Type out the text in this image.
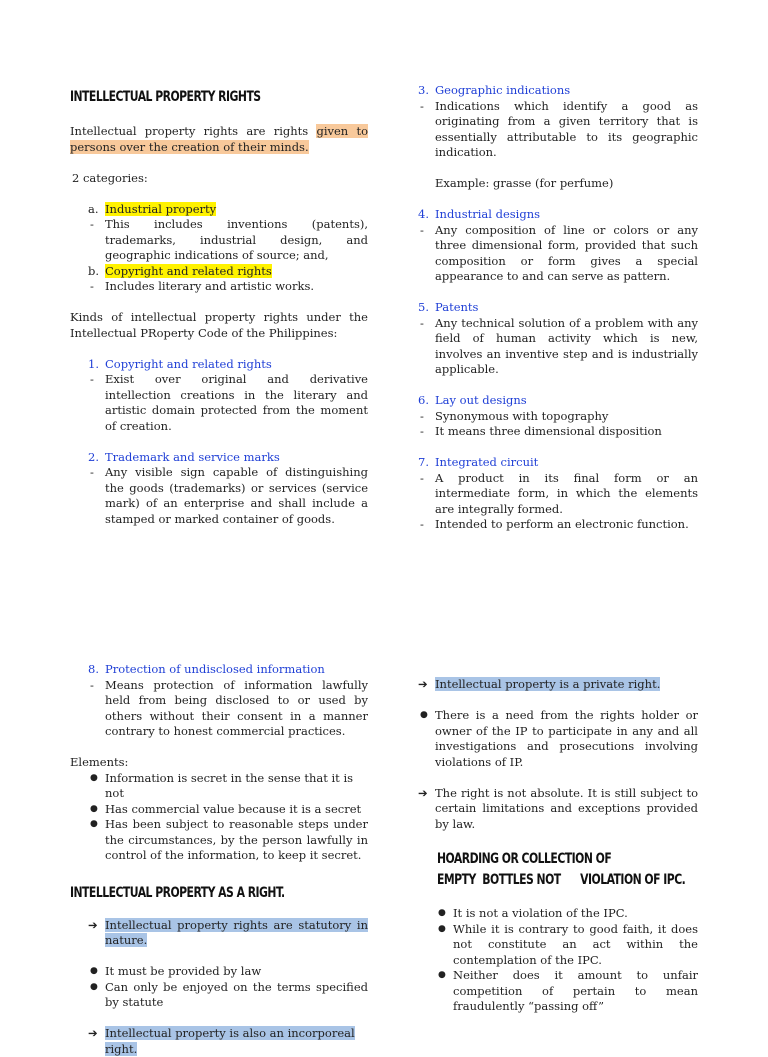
INTELLECTUAL PROPERTY RIGHTS

Intellectual property rights are rights given to persons over the creation of their minds.

2 categories:

a. Industrial property
- This includes inventions (patents), trademarks, industrial design, and geographic indications of source; and,
b. Copyright and related rights
- Includes literary and artistic works.

Kinds of intellectual property rights under the Intellectual PRoperty Code of the Philippines:

1. Copyright and related rights
- Exist over original and derivative intellection creations in the literary and artistic domain protected from the moment of creation.
2. Trademark and service marks
- Any visible sign capable of distinguishing the goods (trademarks) or services (service mark) of an enterprise and shall include a stamped or marked container of goods.
3. Geographic indications
- Indications which identify a good as originating from a given territory that is essentially attributable to its geographic indication.

Example: grasse (for perfume)

4. Industrial designs
- Any composition of line or colors or any three dimensional form, provided that such composition or form gives a special appearance to and can serve as pattern.
5. Patents
- Any technical solution of a problem with any field of human activity which is new, involves an inventive step and is industrially applicable.
6. Lay out designs
- Synonymous with topography
- It means three dimensional disposition
7. Integrated circuit
- A product in its final form or an intermediate form, in which the elements are integrally formed.
- Intended to perform an electronic function.
8. Protection of undisclosed information
- Means protection of information lawfully held from being disclosed to or used by others without their consent in a manner contrary to honest commercial practices.

Elements:

● Information is secret in the sense that it is not
● Has commercial value because it is a secret
● Has been subject to reasonable steps under the circumstances, by the person lawfully in control of the information, to keep it secret.
INTELLECTUAL PROPERTY AS A RIGHT.
➔ Intellectual property rights are statutory in nature.
● It must be provided by law
● Can only be enjoyed on the terms specified by statute
➔ Intellectual property is also an incorporeal right.
➔ Intellectual property is a private right.
● There is a need from the rights holder or owner of the IP to participate in any and all investigations and prosecutions involving violations of IP.
➔ The right is not absolute. It is still subject to certain limitations and exceptions provided by law.
HOARDING OR COLLECTION OF
EMPTY  BOTTLES NOT      VIOLATION OF IPC.
● It is not a violation of the IPC.
● While it is contrary to good faith, it does not constitute an act within the contemplation of the IPC.
● Neither does it amount to unfair competition of pertain to mean fraudulently “passing off”
